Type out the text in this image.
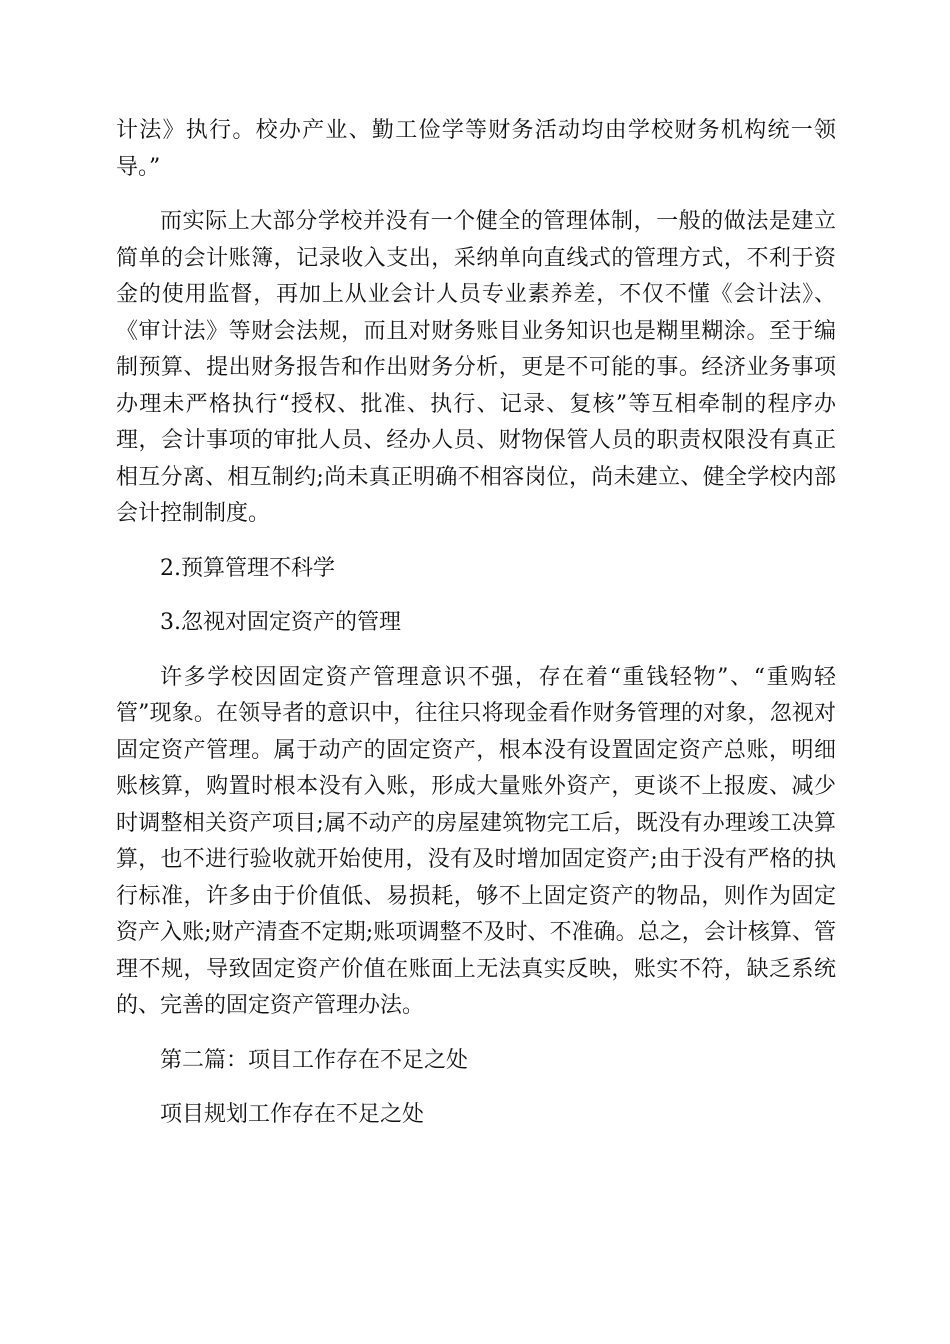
计法》执行。校办产业、勤工俭学等财务活动均由学校财务机构统一领导。”

而实际上大部分学校并没有一个健全的管理体制，一般的做法是建立简单的会计账簿，记录收入支出，采纳单向直线式的管理方式，不利于资金的使用监督，再加上从业会计人员专业素养差，不仅不懂《会计法》、《审计法》等财会法规，而且对财务账目业务知识也是糊里糊涂。至于编制预算、提出财务报告和作出财务分析，更是不可能的事。经济业务事项办理未严格执行“授权、批准、执行、记录、复核”等互相牵制的程序办理，会计事项的审批人员、经办人员、财物保管人员的职责权限没有真正相互分离、相互制约;尚未真正明确不相容岗位，尚未建立、健全学校内部会计控制制度。

2.预算管理不科学

3.忽视对固定资产的管理

许多学校因固定资产管理意识不强，存在着“重钱轻物”、“重购轻管”现象。在领导者的意识中，往往只将现金看作财务管理的对象，忽视对固定资产管理。属于动产的固定资产，根本没有设置固定资产总账，明细账核算，购置时根本没有入账，形成大量账外资产，更谈不上报废、减少时调整相关资产项目;属不动产的房屋建筑物完工后，既没有办理竣工决算算，也不进行验收就开始使用，没有及时增加固定资产;由于没有严格的执行标准，许多由于价值低、易损耗，够不上固定资产的物品，则作为固定资产入账;财产清查不定期;账项调整不及时、不准确。总之，会计核算、管理不规，导致固定资产价值在账面上无法真实反映，账实不符，缺乏系统的、完善的固定资产管理办法。

第二篇：项目工作存在不足之处

项目规划工作存在不足之处
